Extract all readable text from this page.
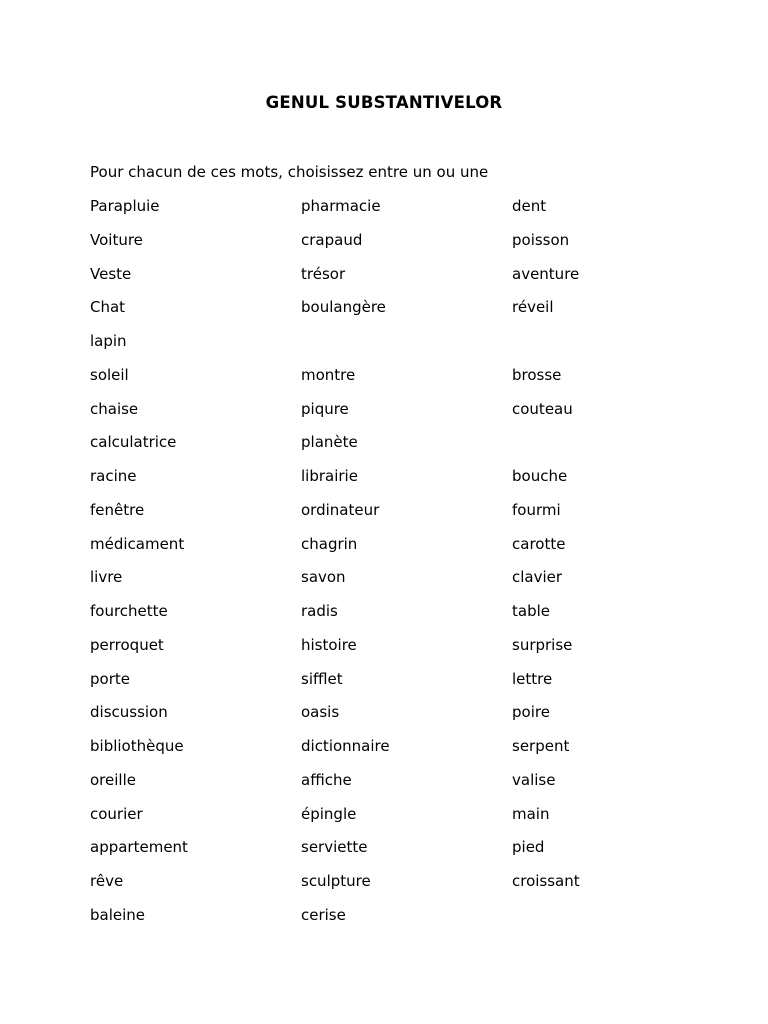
GENUL SUBSTANTIVELOR
Pour chacun de ces mots, choisissez entre un ou une
Parapluie	pharmacie	dent
Voiture	crapaud	poisson
Veste	trésor	aventure
Chat	boulangère	réveil
lapin
soleil	montre	brosse
chaise	piqure	couteau
calculatrice	planète
racine	librairie	bouche
fenêtre	ordinateur	fourmi
médicament	chagrin	carotte
livre	savon	clavier
fourchette	radis	table
perroquet	histoire	surprise
porte	sifflet	lettre
discussion	oasis	poire
bibliothèque	dictionnaire	serpent
oreille	affiche	valise
courier	épingle	main
appartement	serviette	pied
rêve	sculpture	croissant
baleine	cerise
